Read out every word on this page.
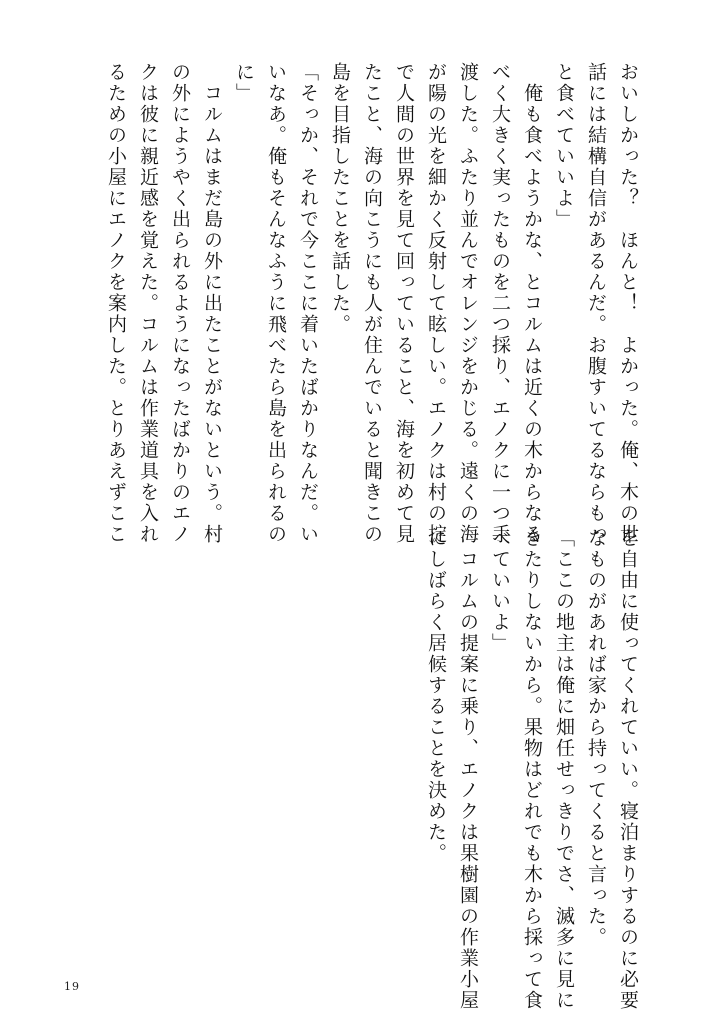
おいしかった？　ほんと！　よかった。俺、木の世

話には結構自信があるんだ。お腹すいてるならもっ

と食べていいよ」

　俺も食べようかな、とコルムは近くの木からなる

べく大きく実ったものを二つ採り、エノクに一つ手

渡した。ふたり並んでオレンジをかじる。遠くの海

が陽の光を細かく反射して眩しい。エノクは村の掟

で人間の世界を見て回っていること、海を初めて見

たこと、海の向こうにも人が住んでいると聞きこの

島を目指したことを話した。

「そっか、それで今ここに着いたばかりなんだ。い

いなあ。俺もそんなふうに飛べたら島を出られるの

に」

　コルムはまだ島の外に出たことがないという。村

の外にようやく出られるようになったばかりのエノ

クは彼に親近感を覚えた。コルムは作業道具を入れ

るための小屋にエノクを案内した。とりあえずここ

を自由に使ってくれていい。寝泊まりするのに必要

なものがあれば家から持ってくると言った。

「ここの地主は俺に畑任せっきりでさ、滅多に見に

きたりしないから。果物はどれでも木から採って食

べていいよ」

　コルムの提案に乗り、エノクは果樹園の作業小屋

にしばらく居候することを決めた。

19
